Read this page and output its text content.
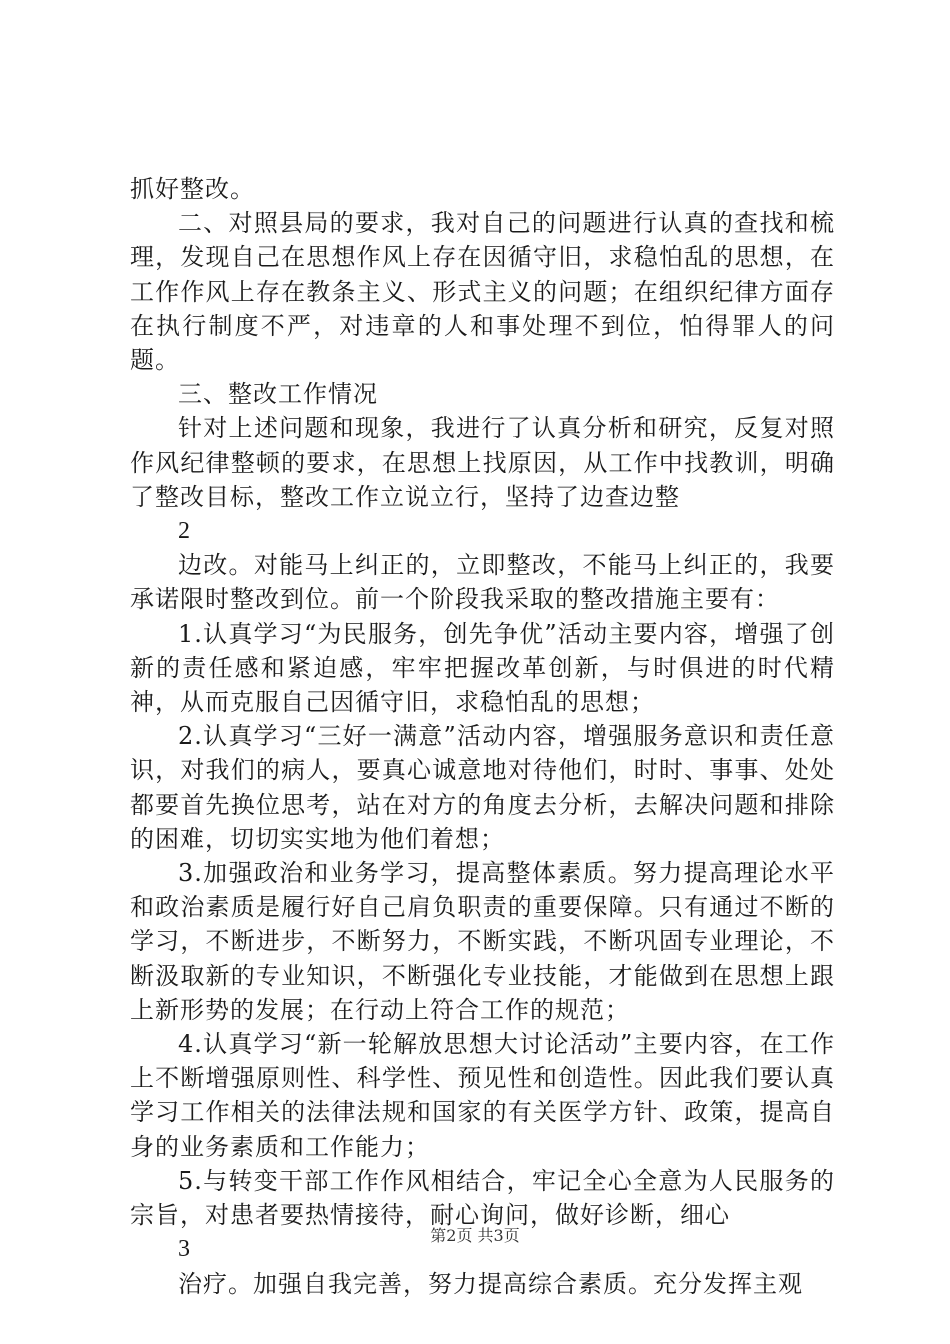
抓好整改。

二、对照县局的要求，我对自己的问题进行认真的查找和梳理，发现自己在思想作风上存在因循守旧，求稳怕乱的思想，在工作作风上存在教条主义、形式主义的问题；在组织纪律方面存在执行制度不严，对违章的人和事处理不到位，怕得罪人的问题。

三、整改工作情况

针对上述问题和现象，我进行了认真分析和研究，反复对照作风纪律整顿的要求，在思想上找原因，从工作中找教训，明确了整改目标，整改工作立说立行，坚持了边查边整

2

边改。对能马上纠正的，立即整改，不能马上纠正的，我要承诺限时整改到位。前一个阶段我采取的整改措施主要有：

1.认真学习“为民服务，创先争优”活动主要内容，增强了创新的责任感和紧迫感，牢牢把握改革创新，与时俱进的时代精神，从而克服自己因循守旧，求稳怕乱的思想；

2.认真学习“三好一满意”活动内容，增强服务意识和责任意识，对我们的病人，要真心诚意地对待他们，时时、事事、处处都要首先换位思考，站在对方的角度去分析，去解决问题和排除的困难，切切实实地为他们着想；

3.加强政治和业务学习，提高整体素质。努力提高理论水平和政治素质是履行好自己肩负职责的重要保障。只有通过不断的学习，不断进步，不断努力，不断实践，不断巩固专业理论，不断汲取新的专业知识，不断强化专业技能，才能做到在思想上跟上新形势的发展；在行动上符合工作的规范；

4.认真学习“新一轮解放思想大讨论活动”主要内容，在工作上不断增强原则性、科学性、预见性和创造性。因此我们要认真学习工作相关的法律法规和国家的有关医学方针、政策，提高自身的业务素质和工作能力；

5.与转变干部工作作风相结合，牢记全心全意为人民服务的宗旨，对患者要热情接待，耐心询问，做好诊断，细心

3

治疗。加强自我完善，努力提高综合素质。充分发挥主观

第2页 共3页
